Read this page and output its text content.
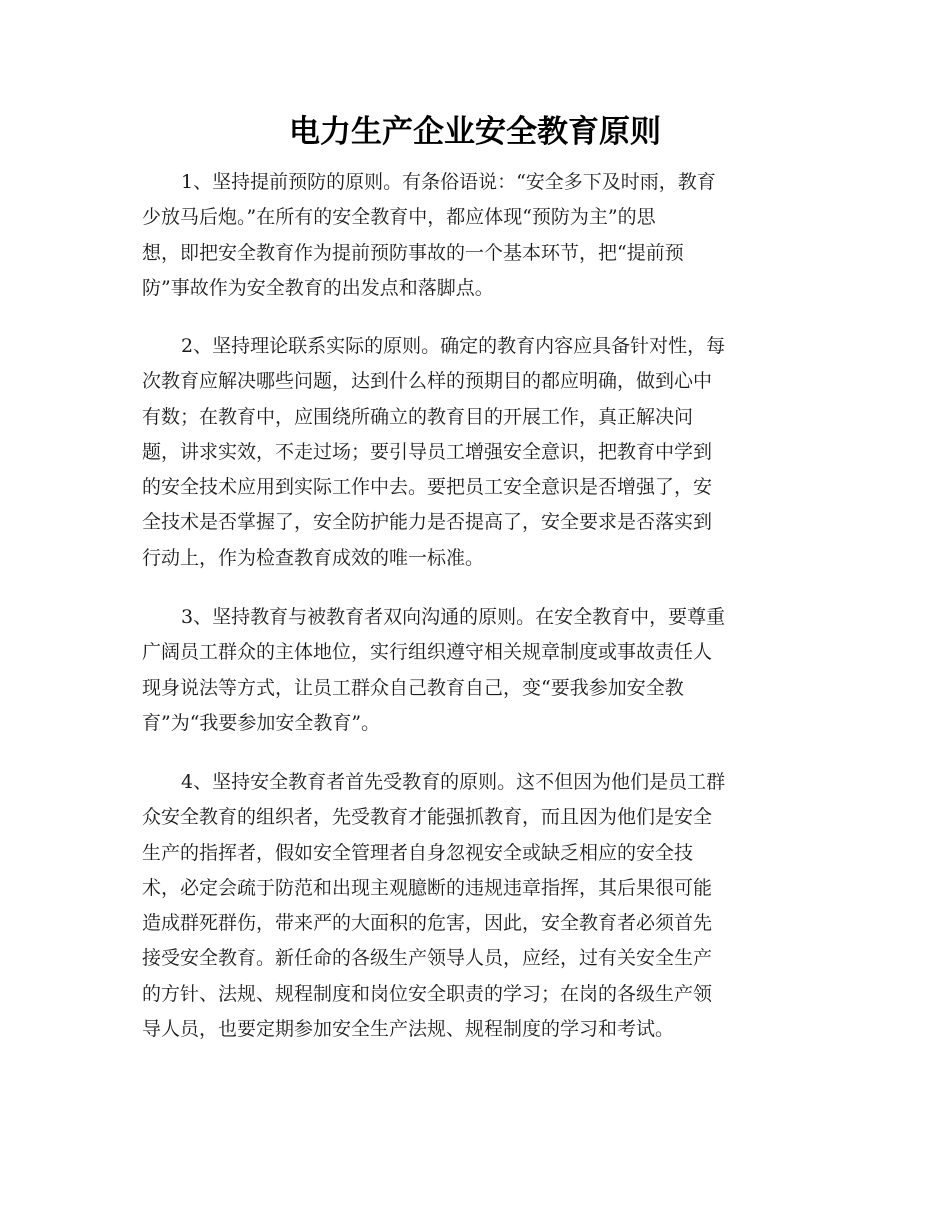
电力生产企业安全教育原则
1、坚持提前预防的原则。有条俗语说：“安全多下及时雨，教育
少放马后炮。”在所有的安全教育中，都应体现“预防为主”的思
想，即把安全教育作为提前预防事故的一个基本环节，把“提前预
防”事故作为安全教育的出发点和落脚点。
2、坚持理论联系实际的原则。确定的教育内容应具备针对性，每
次教育应解决哪些问题，达到什么样的预期目的都应明确，做到心中
有数；在教育中，应围绕所确立的教育目的开展工作，真正解决问
题，讲求实效，不走过场；要引导员工增强安全意识，把教育中学到
的安全技术应用到实际工作中去。要把员工安全意识是否增强了，安
全技术是否掌握了，安全防护能力是否提高了，安全要求是否落实到
行动上，作为检查教育成效的唯一标准。
3、坚持教育与被教育者双向沟通的原则。在安全教育中，要尊重
广阔员工群众的主体地位，实行组织遵守相关规章制度或事故责任人
现身说法等方式，让员工群众自己教育自己，变“要我参加安全教
育”为“我要参加安全教育”。
4、坚持安全教育者首先受教育的原则。这不但因为他们是员工群
众安全教育的组织者，先受教育才能强抓教育，而且因为他们是安全
生产的指挥者，假如安全管理者自身忽视安全或缺乏相应的安全技
术，必定会疏于防范和出现主观臆断的违规违章指挥，其后果很可能
造成群死群伤，带来严的大面积的危害，因此，安全教育者必须首先
接受安全教育。新任命的各级生产领导人员，应经，过有关安全生产
的方针、法规、规程制度和岗位安全职责的学习；在岗的各级生产领
导人员，也要定期参加安全生产法规、规程制度的学习和考试。
